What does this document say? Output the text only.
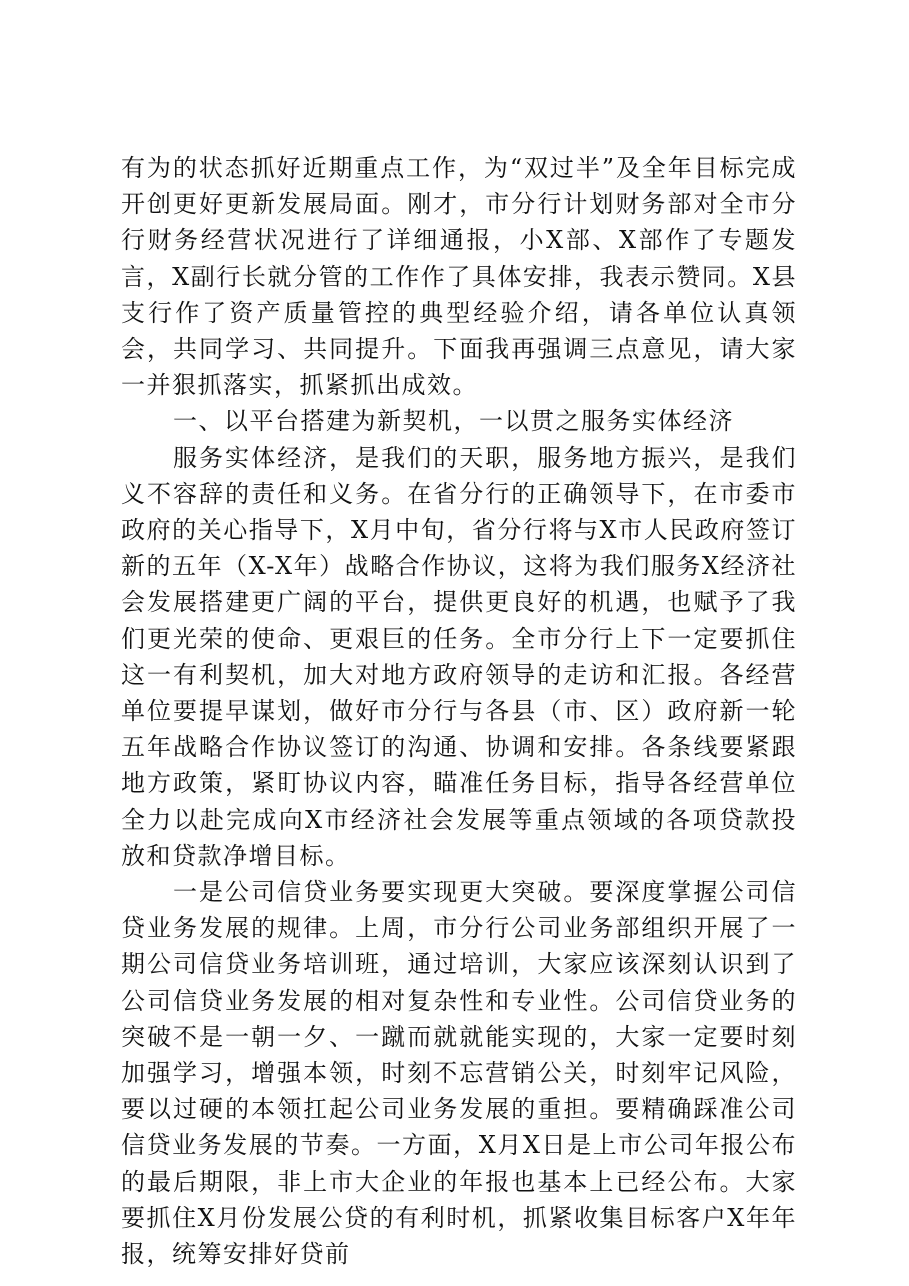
有为的状态抓好近期重点工作，为“双过半”及全年目标完成开创更好更新发展局面。刚才，市分行计划财务部对全市分行财务经营状况进行了详细通报，小X部、X部作了专题发言，X副行长就分管的工作作了具体安排，我表示赞同。X县支行作了资产质量管控的典型经验介绍，请各单位认真领会，共同学习、共同提升。下面我再强调三点意见，请大家一并狠抓落实，抓紧抓出成效。

一、以平台搭建为新契机，一以贯之服务实体经济

服务实体经济，是我们的天职，服务地方振兴，是我们义不容辞的责任和义务。在省分行的正确领导下，在市委市政府的关心指导下，X月中旬，省分行将与X市人民政府签订新的五年（X-X年）战略合作协议，这将为我们服务X经济社会发展搭建更广阔的平台，提供更良好的机遇，也赋予了我们更光荣的使命、更艰巨的任务。全市分行上下一定要抓住这一有利契机，加大对地方政府领导的走访和汇报。各经营单位要提早谋划，做好市分行与各县（市、区）政府新一轮五年战略合作协议签订的沟通、协调和安排。各条线要紧跟地方政策，紧盯协议内容，瞄准任务目标，指导各经营单位全力以赴完成向X市经济社会发展等重点领域的各项贷款投放和贷款净增目标。

一是公司信贷业务要实现更大突破。要深度掌握公司信贷业务发展的规律。上周，市分行公司业务部组织开展了一期公司信贷业务培训班，通过培训，大家应该深刻认识到了公司信贷业务发展的相对复杂性和专业性。公司信贷业务的突破不是一朝一夕、一蹴而就就能实现的，大家一定要时刻加强学习，增强本领，时刻不忘营销公关，时刻牢记风险，要以过硬的本领扛起公司业务发展的重担。要精确踩准公司信贷业务发展的节奏。一方面，X月X日是上市公司年报公布的最后期限，非上市大企业的年报也基本上已经公布。大家要抓住X月份发展公贷的有利时机，抓紧收集目标客户X年年报，统筹安排好贷前
